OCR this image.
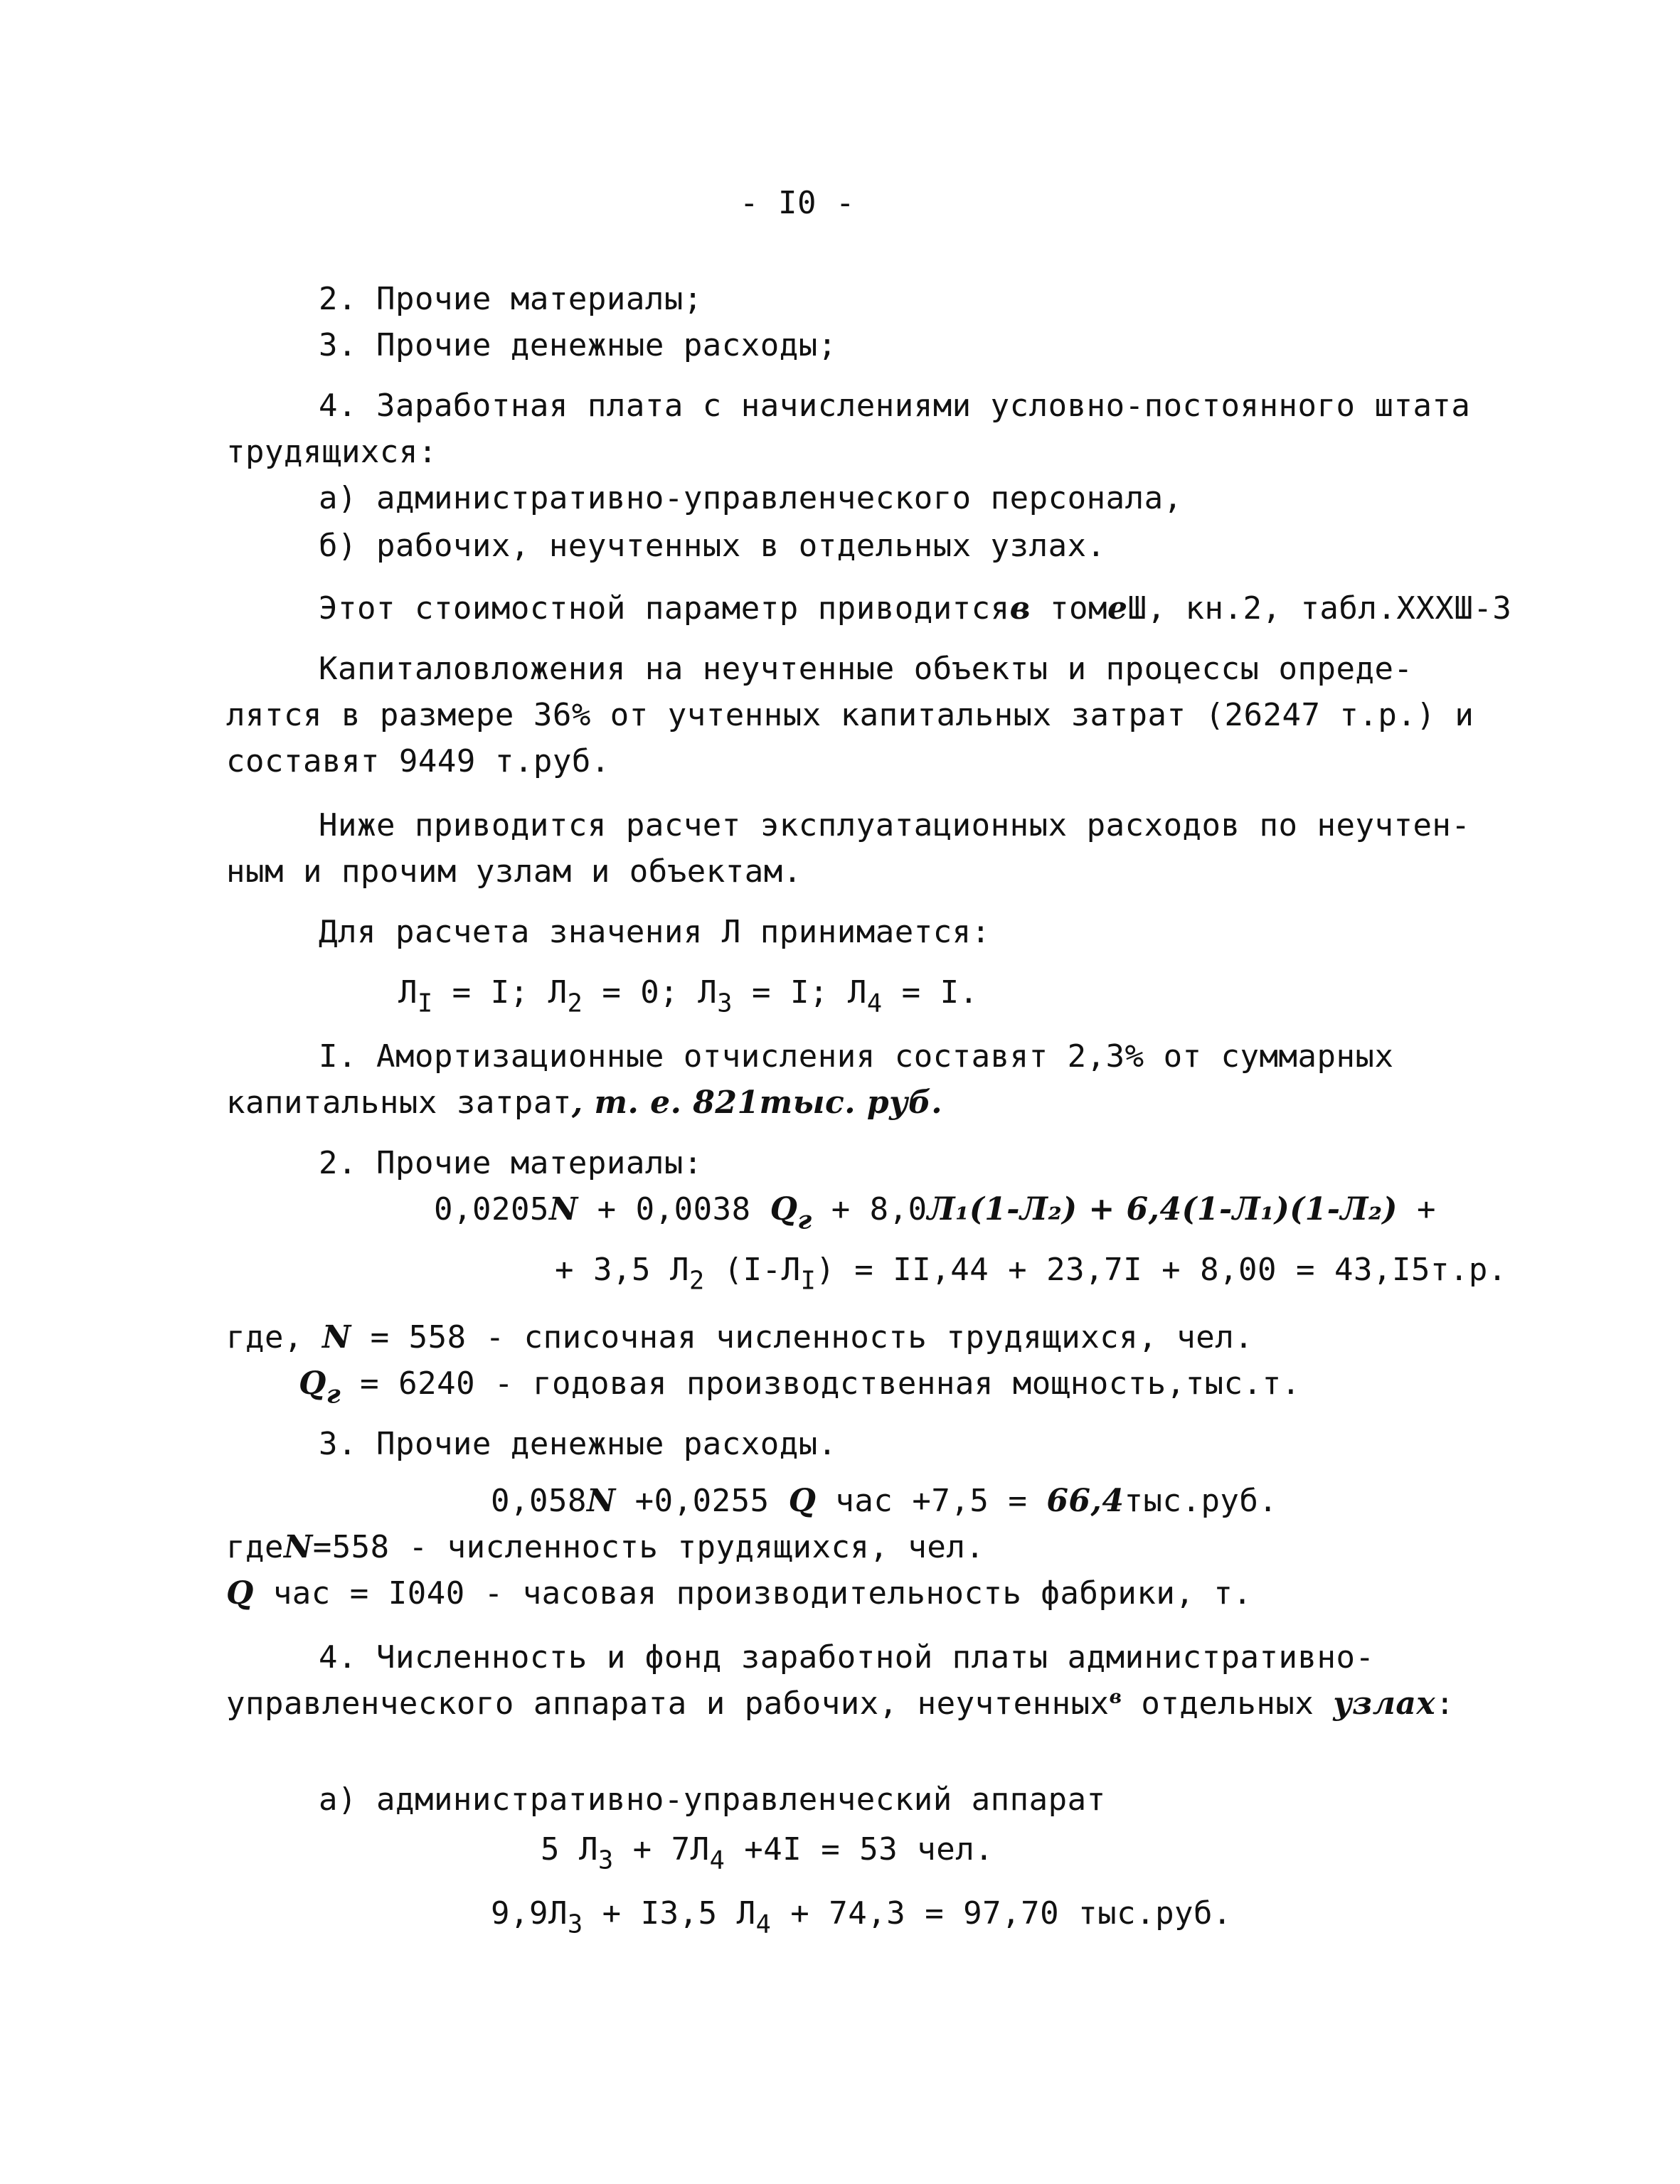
- I0 -
2. Прочие материалы;
3. Прочие денежные расходы;
4. Заработная плата с начислениями условно-постоянного штата
трудящихся:
а) административно-управленческого персонала,
б) рабочих, неучтенных в отдельных узлах.
Этот стоимостной параметр приводитсяв томеШ, кн.2, табл.ХХХШ-3
Капиталовложения на неучтенные объекты и процессы опреде-
лятся в размере 36% от учтенных капитальных затрат (26247 т.р.) и
составят 9449 т.руб.
Ниже приводится расчет эксплуатационных расходов по неучтен-
ным и прочим узлам и объектам.
Для расчета значения Л принимается:
$Л_I = I$; $Л_2 = 0$; $Л_3 = I$; $Л_4 = I$.
I. Амортизационные отчисления составят 2,3% от суммарных
капитальных затрат, т. е. 821тыс. руб.
2. Прочие материалы:
0,0205N + 0,0038 $Q_г + 8,0Л_1(1-Л_2) + 6,4(1-Л_1)(1-Л_2)$ +
+ 3,5 $Л_2$ $(I-Л_I) = II,44 + 23,7I + 8,00 = 43,I5т.р$.
где, N = 558 - списочная численность трудящихся, чел.
$Q_г = 6240$ - годовая производственная мощность,тыс.т.
3. Прочие денежные расходы.
0,058N +0,0255 Q час +7,5 = 66,4тыс.руб.
гдеN=558 - численность трудящихся, чел.
Q час = I040 - часовая производительность фабрики, т.
4. Численность и фонд заработной платы административно-
управленческого аппарата и рабочих, неучтенных$^в$ отдельных узлах:
а) административно-управленческий аппарат
5 $Л_3 + 7Л_4 +4I = 53$ чел.
$9,9Л_3 + I3,5$ $Л_4 + 74,3 = 97,70$ тыс.руб.
